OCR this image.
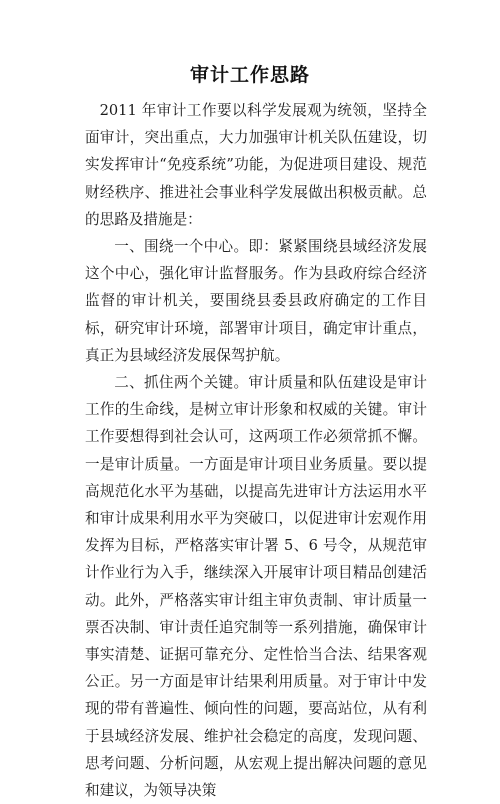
审计工作思路

2011 年审计工作要以科学发展观为统领，坚持全面审计，突出重点，大力加强审计机关队伍建设，切实发挥审计“免疫系统”功能，为促进项目建设、规范财经秩序、推进社会事业科学发展做出积极贡献。总的思路及措施是：

一、围绕一个中心。即：紧紧围绕县域经济发展这个中心，强化审计监督服务。作为县政府综合经济监督的审计机关，要围绕县委县政府确定的工作目标，研究审计环境，部署审计项目，确定审计重点，真正为县域经济发展保驾护航。

二、抓住两个关键。审计质量和队伍建设是审计工作的生命线，是树立审计形象和权威的关键。审计工作要想得到社会认可，这两项工作必须常抓不懈。一是审计质量。一方面是审计项目业务质量。要以提高规范化水平为基础，以提高先进审计方法运用水平和审计成果利用水平为突破口，以促进审计宏观作用发挥为目标，严格落实审计署 5、6 号令，从规范审计作业行为入手，继续深入开展审计项目精品创建活动。此外，严格落实审计组主审负责制、审计质量一票否决制、审计责任追究制等一系列措施，确保审计事实清楚、证据可靠充分、定性恰当合法、结果客观公正。另一方面是审计结果利用质量。对于审计中发现的带有普遍性、倾向性的问题，要高站位，从有利于县域经济发展、维护社会稳定的高度，发现问题、思考问题、分析问题，从宏观上提出解决问题的意见和建议，为领导决策
